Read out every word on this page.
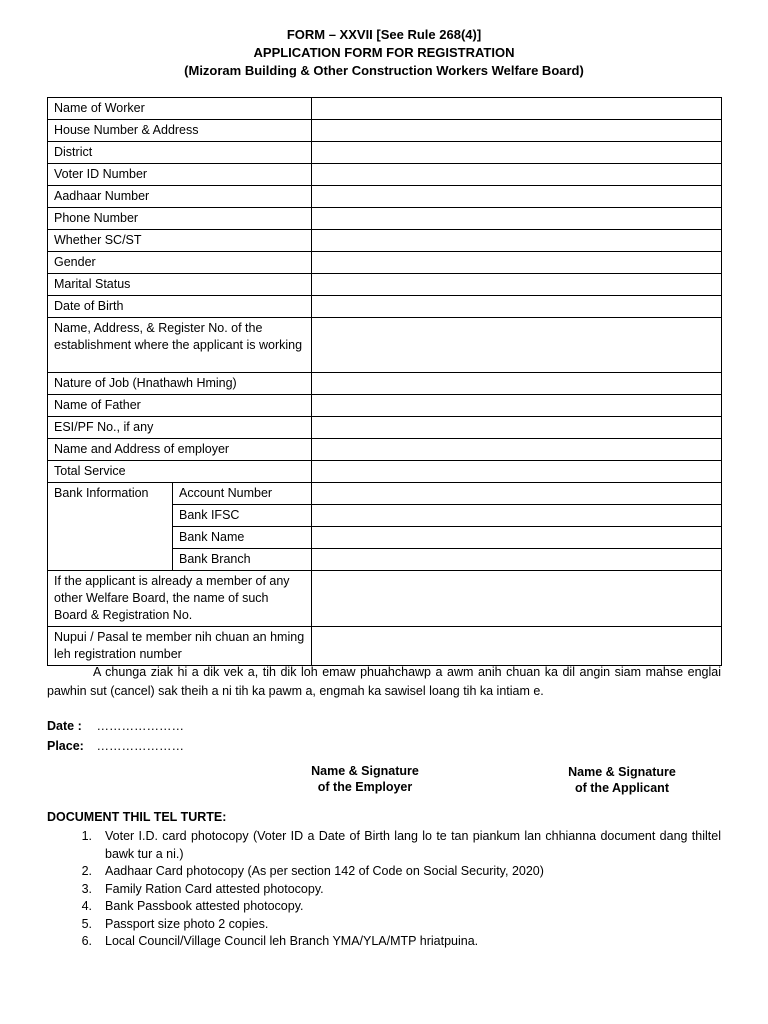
FORM – XXVII [See Rule 268(4)]
APPLICATION FORM FOR REGISTRATION
(Mizoram Building & Other Construction Workers Welfare Board)
Name of Worker		
House Number & Address		
District		
Voter ID Number		
Aadhaar Number		
Phone Number		
Whether SC/ST		
Gender		
Marital Status		
Date of Birth		
Name, Address, & Register No. of the establishment where the applicant is working		
Nature of Job (Hnathawh Hming)		
Name of Father		
ESI/PF No., if any		
Name and Address of employer		
Total Service		
Bank Information	Account Number	
	Bank IFSC	
	Bank Name	
	Bank Branch	
If the applicant is already a member of any other Welfare Board, the name of such Board & Registration No.		
Nupui / Pasal te member nih chuan an hming leh registration number		

A chunga ziak hi a dik vek a, tih dik loh emaw phuahchawp a awm anih chuan ka dil angin siam mahse englai pawhin sut (cancel) sak theih a ni tih ka pawm a, engmah ka sawisel loang tih ka intiam e.

Date : …………………
Place: …………………
Name & Signature
of the Employer
Name & Signature
of the Applicant
DOCUMENT THIL TEL TURTE:
1. Voter I.D. card photocopy (Voter ID a Date of Birth lang lo te tan piankum lan chhianna document dang thiltel bawk tur a ni.)
2. Aadhaar Card photocopy (As per section 142 of Code on Social Security, 2020)
3. Family Ration Card attested photocopy.
4. Bank Passbook attested photocopy.
5. Passport size photo 2 copies.
6. Local Council/Village Council leh Branch YMA/YLA/MTP hriatpuina.
